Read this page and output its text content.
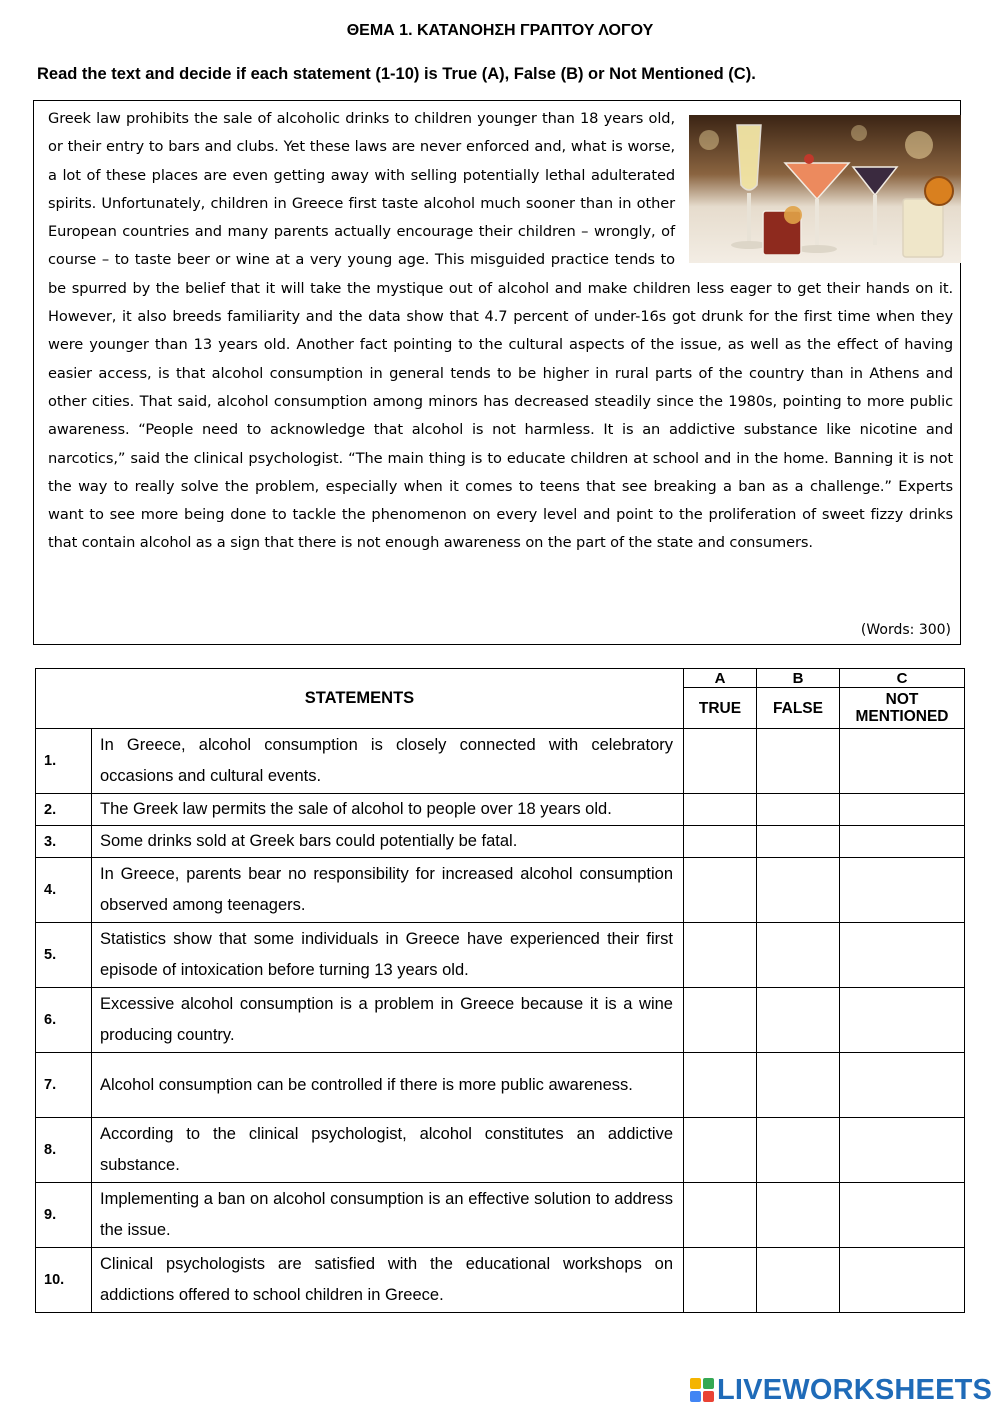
ΘΕΜΑ 1. ΚΑΤΑΝΟΗΣΗ ΓΡΑΠΤΟΥ ΛΟΓΟΥ
Read the text and decide if each statement (1-10) is True (A), False (B) or Not Mentioned (C).
Greek law prohibits the sale of alcoholic drinks to children younger than 18 years old, or their entry to bars and clubs. Yet these laws are never enforced and, what is worse, a lot of these places are even getting away with selling potentially lethal adulterated spirits. Unfortunately, children in Greece first taste alcohol much sooner than in other European countries and many parents actually encourage their children – wrongly, of course – to taste beer or wine at a very young age. This misguided practice tends to be spurred by the belief that it will take the mystique out of alcohol and make children less eager to get their hands on it. However, it also breeds familiarity and the data show that 4.7 percent of under-16s got drunk for the first time when they were younger than 13 years old. Another fact pointing to the cultural aspects of the issue, as well as the effect of having easier access, is that alcohol consumption in general tends to be higher in rural parts of the country than in Athens and other cities. That said, alcohol consumption among minors has decreased steadily since the 1980s, pointing to more public awareness. “People need to acknowledge that alcohol is not harmless. It is an addictive substance like nicotine and narcotics,” said the clinical psychologist. “The main thing is to educate children at school and in the home. Banning it is not the way to really solve the problem, especially when it comes to teens that see breaking a ban as a challenge.” Experts want to see more being done to tackle the phenomenon on every level and point to the proliferation of sweet fizzy drinks that contain alcohol as a sign that there is not enough awareness on the part of the state and consumers.
(Words: 300)
STATEMENTS		A	B	C
		TRUE	FALSE	NOT
MENTIONED
1.	In Greece, alcohol consumption is closely connected with celebratory occasions and cultural events.			
2.	The Greek law permits the sale of alcohol to people over 18 years old.			
3.	Some drinks sold at Greek bars could potentially be fatal.			
4.	In Greece, parents bear no responsibility for increased alcohol consumption observed among teenagers.			
5.	Statistics show that some individuals in Greece have experienced their first episode of intoxication before turning 13 years old.			
6.	Excessive alcohol consumption is a problem in Greece because it is a wine producing country.			
7.	Alcohol consumption can be controlled if there is more public awareness.			
8.	According to the clinical psychologist, alcohol constitutes an addictive substance.			
9.	Implementing a ban on alcohol consumption is an effective solution to address the issue.			
10.	Clinical psychologists are satisfied with the educational workshops on addictions offered to school children in Greece.			
LIVEWORKSHEETS
